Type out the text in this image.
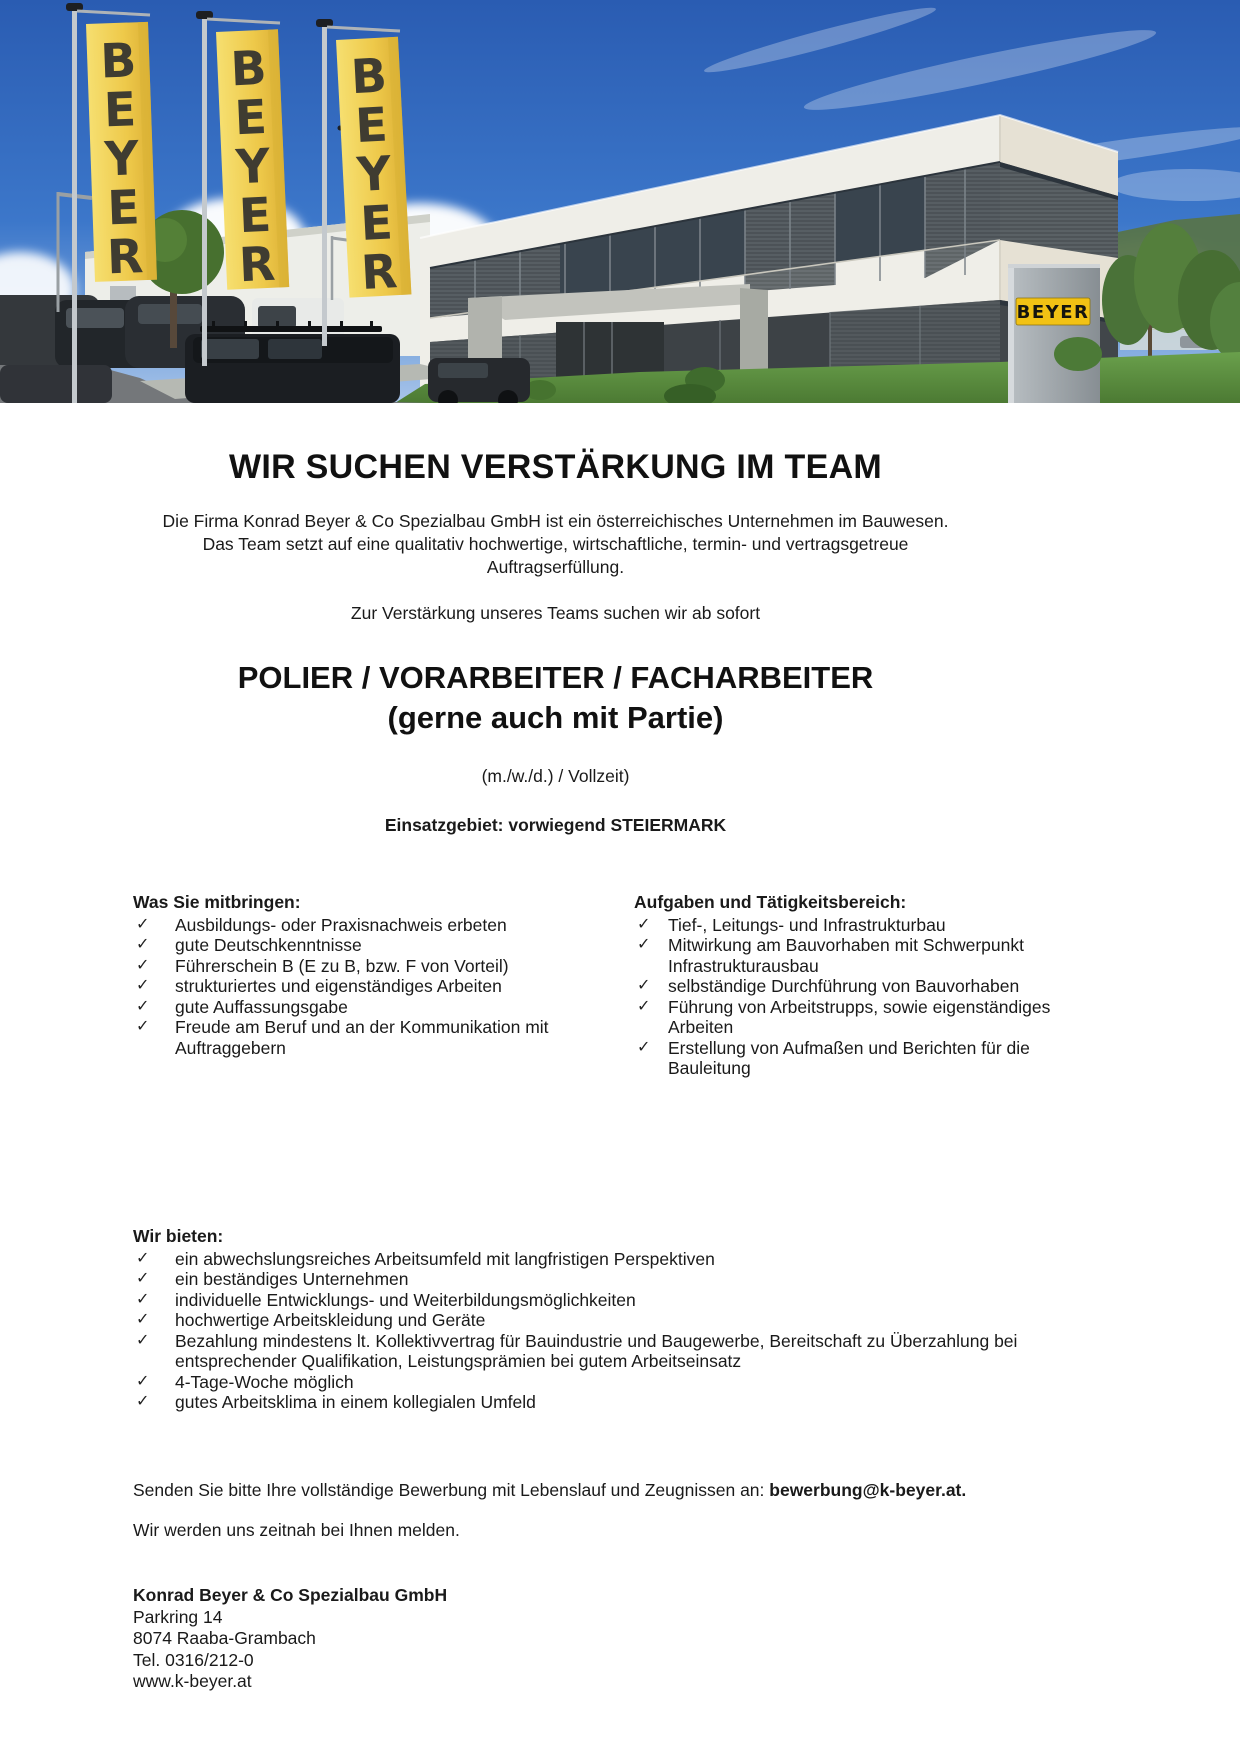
BEYER
WIR SUCHEN VERSTÄRKUNG IM TEAM

Die Firma Konrad Beyer & Co Spezialbau GmbH ist ein österreichisches Unternehmen im Bauwesen.
Das Team setzt auf eine qualitativ hochwertige, wirtschaftliche, termin- und vertragsgetreue Auftragserfüllung.

Zur Verstärkung unseres Teams suchen wir ab sofort

POLIER / VORARBEITER / FACHARBEITER
(gerne auch mit Partie)
(m./w./d.) / Vollzeit)
Einsatzgebiet: vorwiegend STEIERMARK

Was Sie mitbringen:

✓	Ausbildungs- oder Praxisnachweis erbeten
✓	gute Deutschkenntnisse
✓	Führerschein B (E zu B, bzw. F von Vorteil)
✓	strukturiertes und eigenständiges Arbeiten
✓	gute Auffassungsgabe
✓	Freude am Beruf und an der Kommunikation mit Auftraggebern

Aufgaben und Tätigkeitsbereich:

✓	Tief-, Leitungs- und Infrastrukturbau
✓	Mitwirkung am Bauvorhaben mit Schwerpunkt Infrastrukturausbau
✓	selbständige Durchführung von Bauvorhaben
✓	Führung von Arbeitstrupps, sowie eigenständiges Arbeiten
✓	Erstellung von Aufmaßen und Berichten für die Bauleitung

Wir bieten:

✓	ein abwechslungsreiches Arbeitsumfeld mit langfristigen Perspektiven
✓	ein beständiges Unternehmen
✓	individuelle Entwicklungs- und Weiterbildungsmöglichkeiten
✓	hochwertige Arbeitskleidung und Geräte
✓	Bezahlung mindestens lt. Kollektivvertrag für Bauindustrie und Baugewerbe, Bereitschaft zu Überzahlung bei entsprechender Qualifikation, Leistungsprämien bei gutem Arbeitseinsatz
✓	4-Tage-Woche möglich
✓	gutes Arbeitsklima in einem kollegialen Umfeld

Senden Sie bitte Ihre vollständige Bewerbung mit Lebenslauf und Zeugnissen an: bewerbung@k-beyer.at.

Wir werden uns zeitnah bei Ihnen melden.

Konrad Beyer & Co Spezialbau GmbH
Parkring 14
8074 Raaba-Grambach
Tel. 0316/212-0
www.k-beyer.at
